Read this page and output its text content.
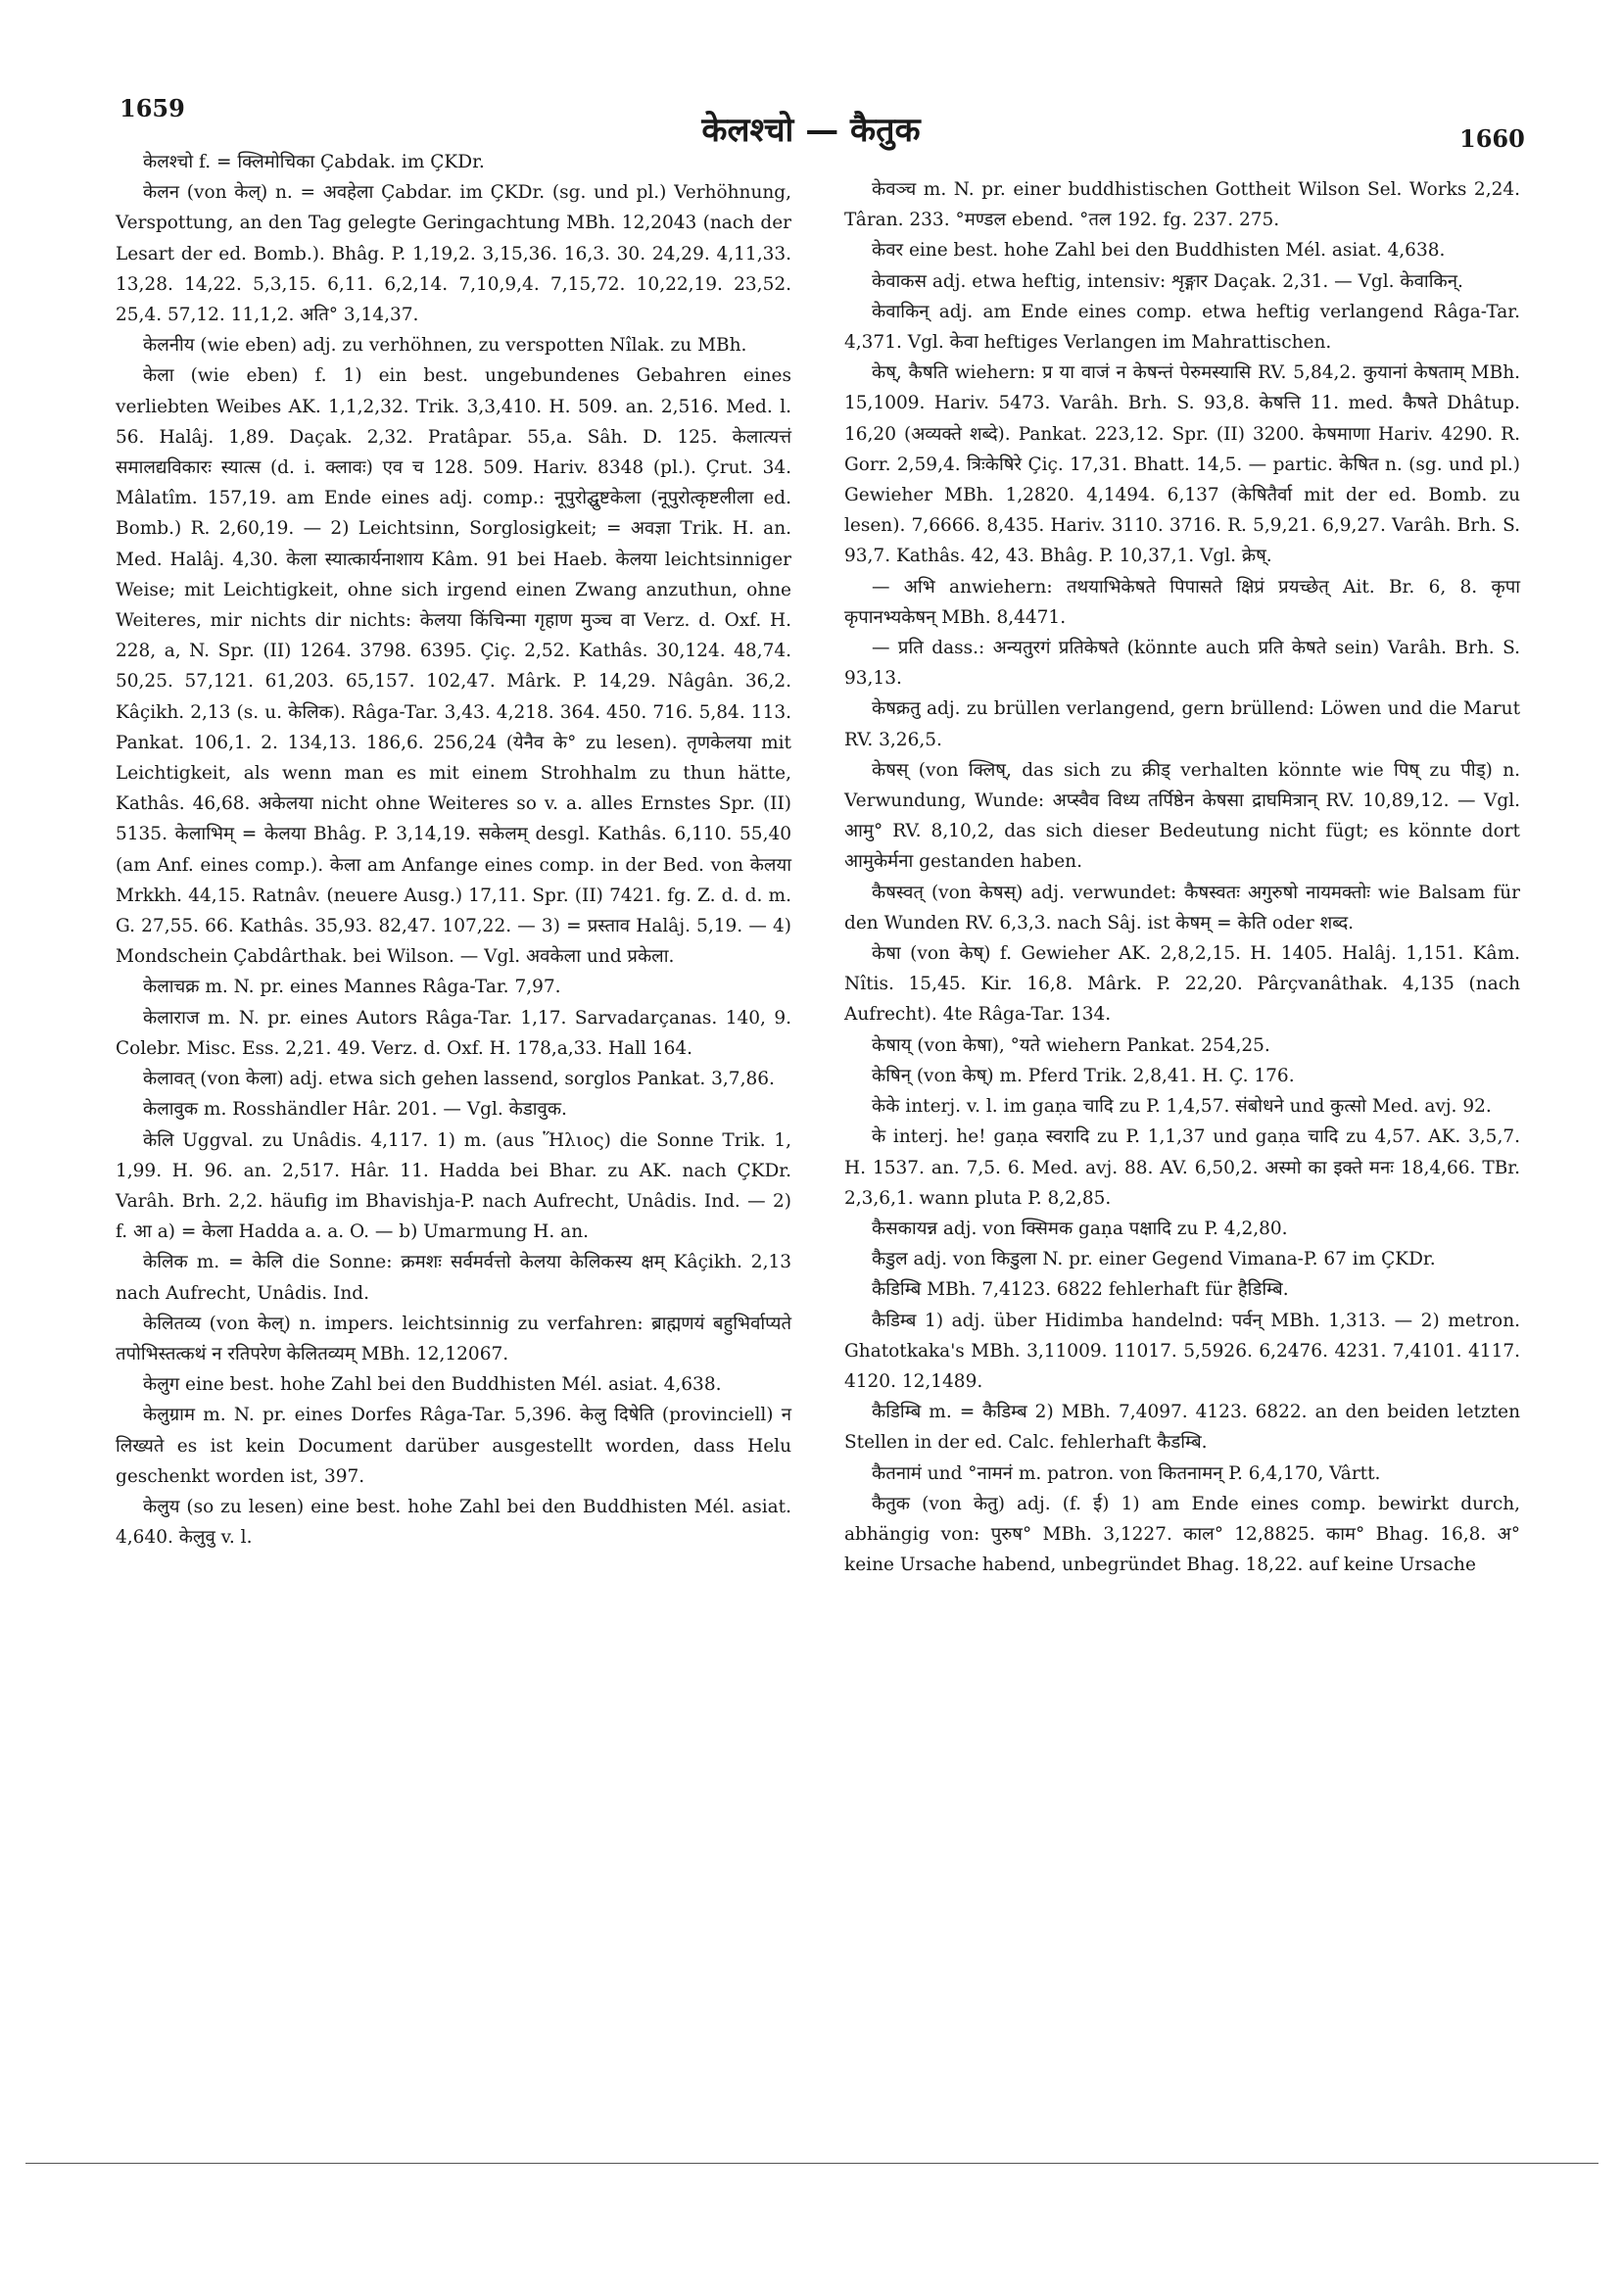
1659
केलश्चो — कैतुक	1660

केलश्चो f. = क्लिमोचिका Çabdak. im ÇKDr.

केलन (von केल्) n. = अवहेला Çabdar. im ÇKDr. (sg. und pl.) Verhöhnung, Verspottung, an den Tag gelegte Geringachtung MBh. 12,2043 (nach der Lesart der ed. Bomb.). Bhâg. P. 1,19,2. 3,15,36. 16,3. 30. 24,29. 4,11,33. 13,28. 14,22. 5,3,15. 6,11. 6,2,14. 7,10,9,4. 7,15,72. 10,22,19. 23,52. 25,4. 57,12. 11,1,2. अति° 3,14,37.

केलनीय (wie eben) adj. zu verhöhnen, zu verspotten Nîlak. zu MBh.

केला (wie eben) f. 1) ein best. ungebundenes Gebahren eines verliebten Weibes AK. 1,1,2,32. Trik. 3,3,410. H. 509. an. 2,516. Med. l. 56. Halâj. 1,89. Daçak. 2,32. Pratâpar. 55,a. Sâh. D. 125. केलात्यत्तं समालद्यविकारः स्यात्स (d. i. क्लावः) एव च 128. 509. Hariv. 8348 (pl.). Çrut. 34. Mâlatîm. 157,19. am Ende eines adj. comp.: नूपुरोद्घुष्टकेला (नूपुरोत्कृष्टलीला ed. Bomb.) R. 2,60,19. — 2) Leichtsinn, Sorglosigkeit; = अवज्ञा Trik. H. an. Med. Halâj. 4,30. केला स्यात्कार्यनाशाय Kâm. 91 bei Haeb. केलया leichtsinniger Weise; mit Leichtigkeit, ohne sich irgend einen Zwang anzuthun, ohne Weiteres, mir nichts dir nichts: केलया किंचिन्मा गृहाण मुञ्च वा Verz. d. Oxf. H. 228, a, N. Spr. (II) 1264. 3798. 6395. Çiç. 2,52. Kathâs. 30,124. 48,74. 50,25. 57,121. 61,203. 65,157. 102,47. Mârk. P. 14,29. Nâgân. 36,2. Kâçikh. 2,13 (s. u. केलिक). Râga-Tar. 3,43. 4,218. 364. 450. 716. 5,84. 113. Pankat. 106,1. 2. 134,13. 186,6. 256,24 (येनैव के° zu lesen). तृणकेलया mit Leichtigkeit, als wenn man es mit einem Strohhalm zu thun hätte, Kathâs. 46,68. अकेलया nicht ohne Weiteres so v. a. alles Ernstes Spr. (II) 5135. केलाभिम् = केलया Bhâg. P. 3,14,19. सकेलम् desgl. Kathâs. 6,110. 55,40 (am Anf. eines comp.). केला am Anfange eines comp. in der Bed. von केलया Mrkkh. 44,15. Ratnâv. (neuere Ausg.) 17,11. Spr. (II) 7421. fg. Z. d. d. m. G. 27,55. 66. Kathâs. 35,93. 82,47. 107,22. — 3) = प्रस्ताव Halâj. 5,19. — 4) Mondschein Çabdârthak. bei Wilson. — Vgl. अवकेला und प्रकेला.

केलाचक्र m. N. pr. eines Mannes Râga-Tar. 7,97.

केलाराज m. N. pr. eines Autors Râga-Tar. 1,17. Sarvadarçanas. 140, 9. Colebr. Misc. Ess. 2,21. 49. Verz. d. Oxf. H. 178,a,33. Hall 164.

केलावत् (von केला) adj. etwa sich gehen lassend, sorglos Pankat. 3,7,86.

केलावुक m. Rosshändler Hâr. 201. — Vgl. केडावुक.

केलि Uggval. zu Unâdis. 4,117. 1) m. (aus Ἥλιος) die Sonne Trik. 1, 1,99. H. 96. an. 2,517. Hâr. 11. Hadda bei Bhar. zu AK. nach ÇKDr. Varâh. Brh. 2,2. häufig im Bhavishja-P. nach Aufrecht, Unâdis. Ind. — 2) f. आ a) = केला Hadda a. a. O. — b) Umarmung H. an.

केलिक m. = केलि die Sonne: क्रमशः सर्वमर्वत्तो केलया केलिकस्य क्षम् Kâçikh. 2,13 nach Aufrecht, Unâdis. Ind.

केलितव्य (von केल्) n. impers. leichtsinnig zu verfahren: ब्राह्मणयं बहुभिर्वाप्यते तपोभिस्तत्कथं न रतिपरेण केलितव्यम् MBh. 12,12067.

केलुग eine best. hohe Zahl bei den Buddhisten Mél. asiat. 4,638.

केलुग्राम m. N. pr. eines Dorfes Râga-Tar. 5,396. केलु दिषेति (provinciell) न लिख्यते es ist kein Document darüber ausgestellt worden, dass Helu geschenkt worden ist, 397.

केलुय (so zu lesen) eine best. hohe Zahl bei den Buddhisten Mél. asiat. 4,640. केलुवु v. l.

केवञ्च m. N. pr. einer buddhistischen Gottheit Wilson Sel. Works 2,24. Târan. 233. °मण्डल ebend. °तल 192. fg. 237. 275.

केवर eine best. hohe Zahl bei den Buddhisten Mél. asiat. 4,638.

केवाकस adj. etwa heftig, intensiv: शृङ्गार Daçak. 2,31. — Vgl. केवाकिन्.

केवाकिन् adj. am Ende eines comp. etwa heftig verlangend Râga-Tar. 4,371. Vgl. केवा heftiges Verlangen im Mahrattischen.

केष्, कैषति wiehern: प्र या वाजं न केषन्तं पेरुमस्यासि RV. 5,84,2. कुयानां केषताम् MBh. 15,1009. Hariv. 5473. Varâh. Brh. S. 93,8. केषत्ति 11. med. कैषते Dhâtup. 16,20 (अव्यक्ते शब्दे). Pankat. 223,12. Spr. (II) 3200. केषमाणा Hariv. 4290. R. Gorr. 2,59,4. त्रिःकेषिरे Çiç. 17,31. Bhatt. 14,5. — partic. केषित n. (sg. und pl.) Gewieher MBh. 1,2820. 4,1494. 6,137 (केषितैर्वा mit der ed. Bomb. zu lesen). 7,6666. 8,435. Hariv. 3110. 3716. R. 5,9,21. 6,9,27. Varâh. Brh. S. 93,7. Kathâs. 42, 43. Bhâg. P. 10,37,1. Vgl. क्रेष्.

— अभि anwiehern: तथयाभिकेषते पिपासते क्षिप्रं प्रयच्छेत् Ait. Br. 6, 8. कृपा कृपानभ्यकेषन् MBh. 8,4471.

— प्रति dass.: अन्यतुरगं प्रतिकेषते (könnte auch प्रति केषते sein) Varâh. Brh. S. 93,13.

केषक्रतु adj. zu brüllen verlangend, gern brüllend: Löwen und die Marut RV. 3,26,5.

केषस् (von क्लिष्, das sich zu क्रीड् verhalten könnte wie पिष् zu पीड्) n. Verwundung, Wunde: अप्स्वैव विध्य तर्पिष्ठेन केषसा द्राघमित्रान् RV. 10,89,12. — Vgl. आमु° RV. 8,10,2, das sich dieser Bedeutung nicht fügt; es könnte dort आमुकेर्मना gestanden haben.

कैषस्वत् (von केषस्) adj. verwundet: कैषस्वतः अगुरुषो नायमक्तोः wie Balsam für den Wunden RV. 6,3,3. nach Sâj. ist केषम् = केति oder शब्द.

केषा (von केष्) f. Gewieher AK. 2,8,2,15. H. 1405. Halâj. 1,151. Kâm. Nîtis. 15,45. Kir. 16,8. Mârk. P. 22,20. Pârçvanâthak. 4,135 (nach Aufrecht). 4te Râga-Tar. 134.

केषाय् (von केषा), °यते wiehern Pankat. 254,25.

केषिन् (von केष्) m. Pferd Trik. 2,8,41. H. Ç. 176.

केके interj. v. l. im gaṇa चादि zu P. 1,4,57. संबोधने und कुत्सो Med. avj. 92.

के interj. he! gaṇa स्वरादि zu P. 1,1,37 und gaṇa चादि zu 4,57. AK. 3,5,7. H. 1537. an. 7,5. 6. Med. avj. 88. AV. 6,50,2. अस्मो का इक्ते मनः 18,4,66. TBr. 2,3,6,1. wann pluta P. 8,2,85.

कैसकायन्न adj. von क्सिमक gaṇa पक्षादि zu P. 4,2,80.

कैडुल adj. von किडुला N. pr. einer Gegend Vimana-P. 67 im ÇKDr.

कैडिम्बि MBh. 7,4123. 6822 fehlerhaft für हैडिम्बि.

कैडिम्ब 1) adj. über Hidimba handelnd: पर्वन् MBh. 1,313. — 2) metron. Ghatotkaka's MBh. 3,11009. 11017. 5,5926. 6,2476. 4231. 7,4101. 4117. 4120. 12,1489.

कैडिम्बि m. = कैडिम्ब 2) MBh. 7,4097. 4123. 6822. an den beiden letzten Stellen in der ed. Calc. fehlerhaft कैडम्बि.

कैतनामं und °नामनं m. patron. von कितनामन् P. 6,4,170, Vârtt.

कैतुक (von केतु) adj. (f. ई) 1) am Ende eines comp. bewirkt durch, abhängig von: पुरुष° MBh. 3,1227. काल° 12,8825. काम° Bhag. 16,8. अ° keine Ursache habend, unbegründet Bhag. 18,22. auf keine Ursache
